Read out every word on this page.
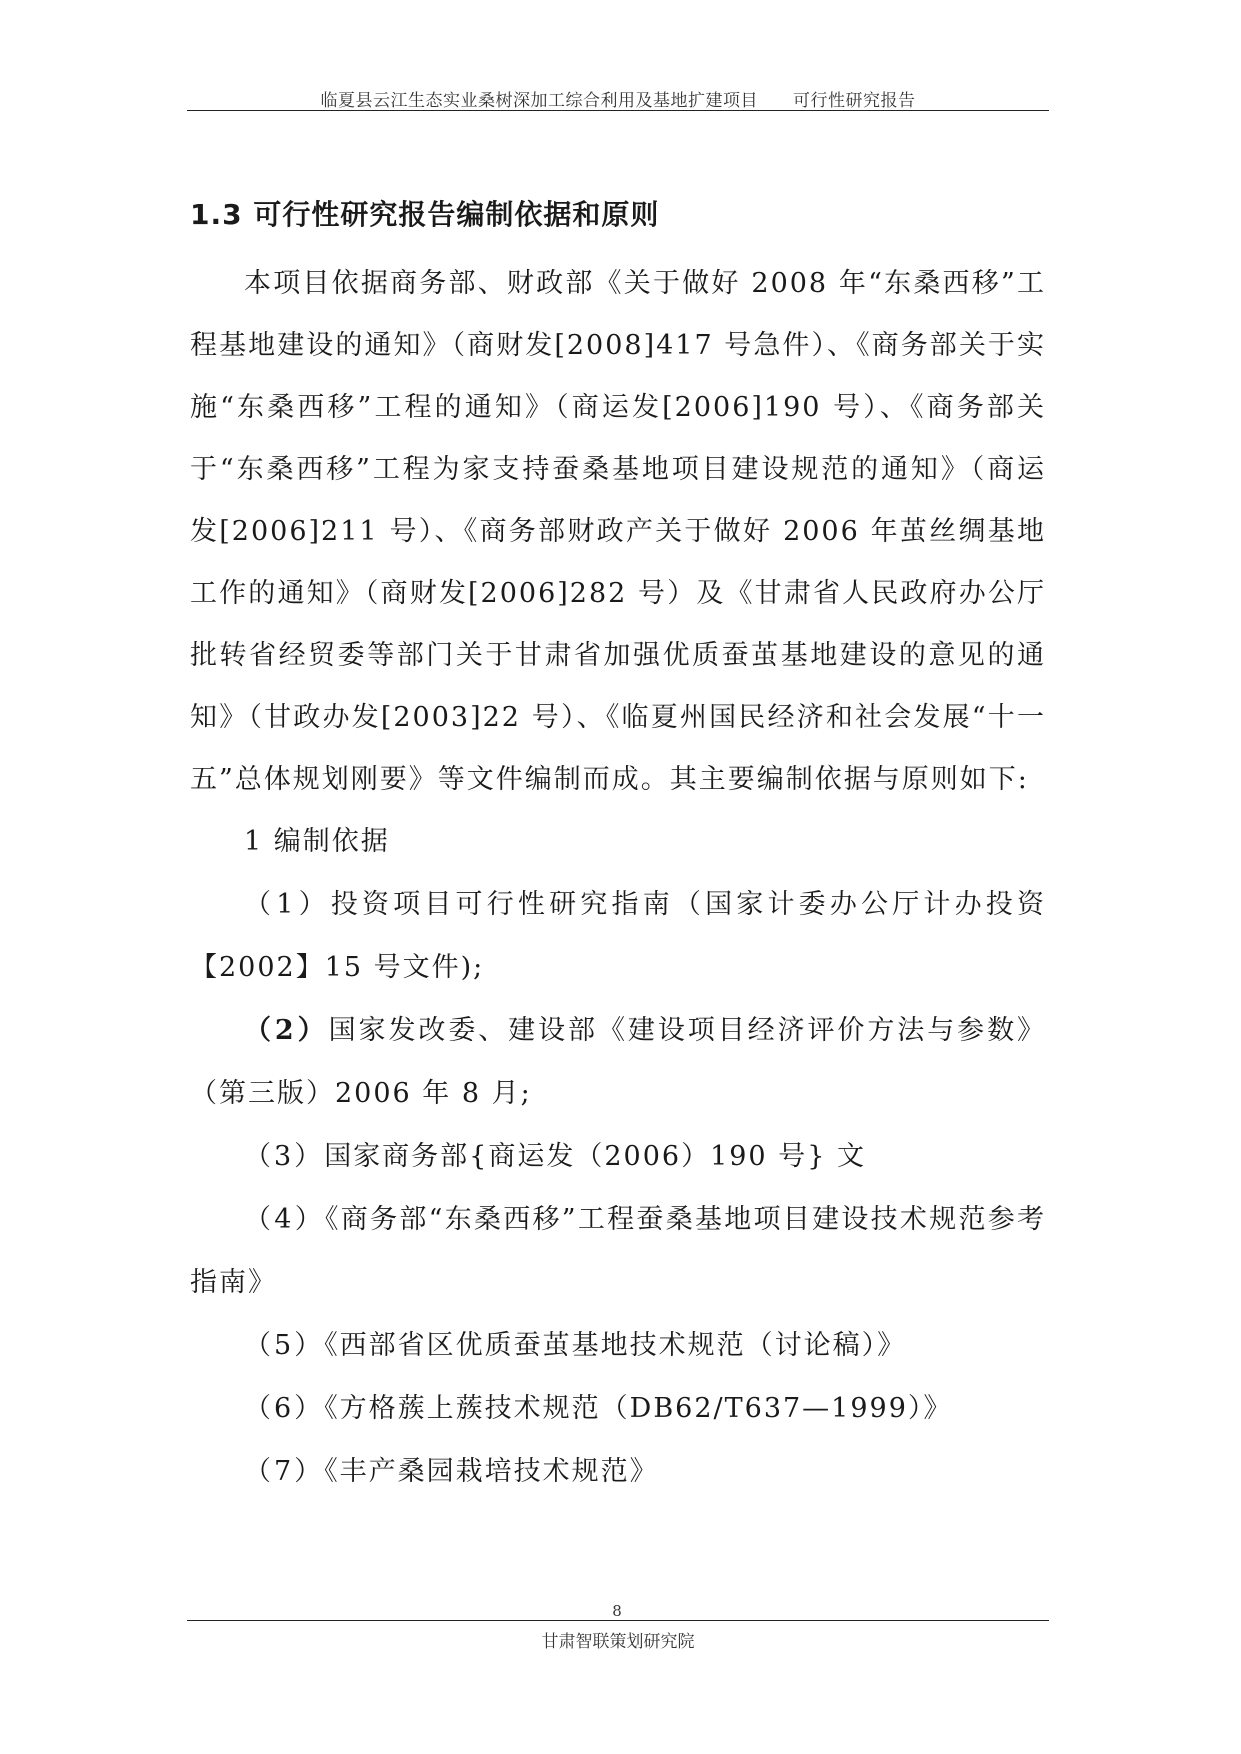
临夏县云江生态实业桑树深加工综合利用及基地扩建项目　　可行性研究报告
1.3 可行性研究报告编制依据和原则

本项目依据商务部、财政部《关于做好 2008 年“东桑西移”工程基地建设的通知》（商财发[2008]417 号急件）、《商务部关于实施“东桑西移”工程的通知》（商运发[2006]190 号）、《商务部关于“东桑西移”工程为家支持蚕桑基地项目建设规范的通知》（商运发[2006]211 号）、《商务部财政产关于做好 2006 年茧丝绸基地工作的通知》（商财发[2006]282 号）及《甘肃省人民政府办公厅批转省经贸委等部门关于甘肃省加强优质蚕茧基地建设的意见的通知》（甘政办发[2003]22 号）、《临夏州国民经济和社会发展“十一五”总体规划刚要》等文件编制而成。其主要编制依据与原则如下:

1 编制依据

（1）投资项目可行性研究指南（国家计委办公厅计办投资【2002】15 号文件);
（2）国家发改委、建设部《建设项目经济评价方法与参数》（第三版）2006 年 8 月;
（3）国家商务部{商运发（2006）190 号} 文
（4）《商务部“东桑西移”工程蚕桑基地项目建设技术规范参考指南》
（5）《西部省区优质蚕茧基地技术规范（讨论稿）》
（6）《方格蔟上蔟技术规范（DB62/T637—1999）》
（7）《丰产桑园栽培技术规范》
8
甘肃智联策划研究院
